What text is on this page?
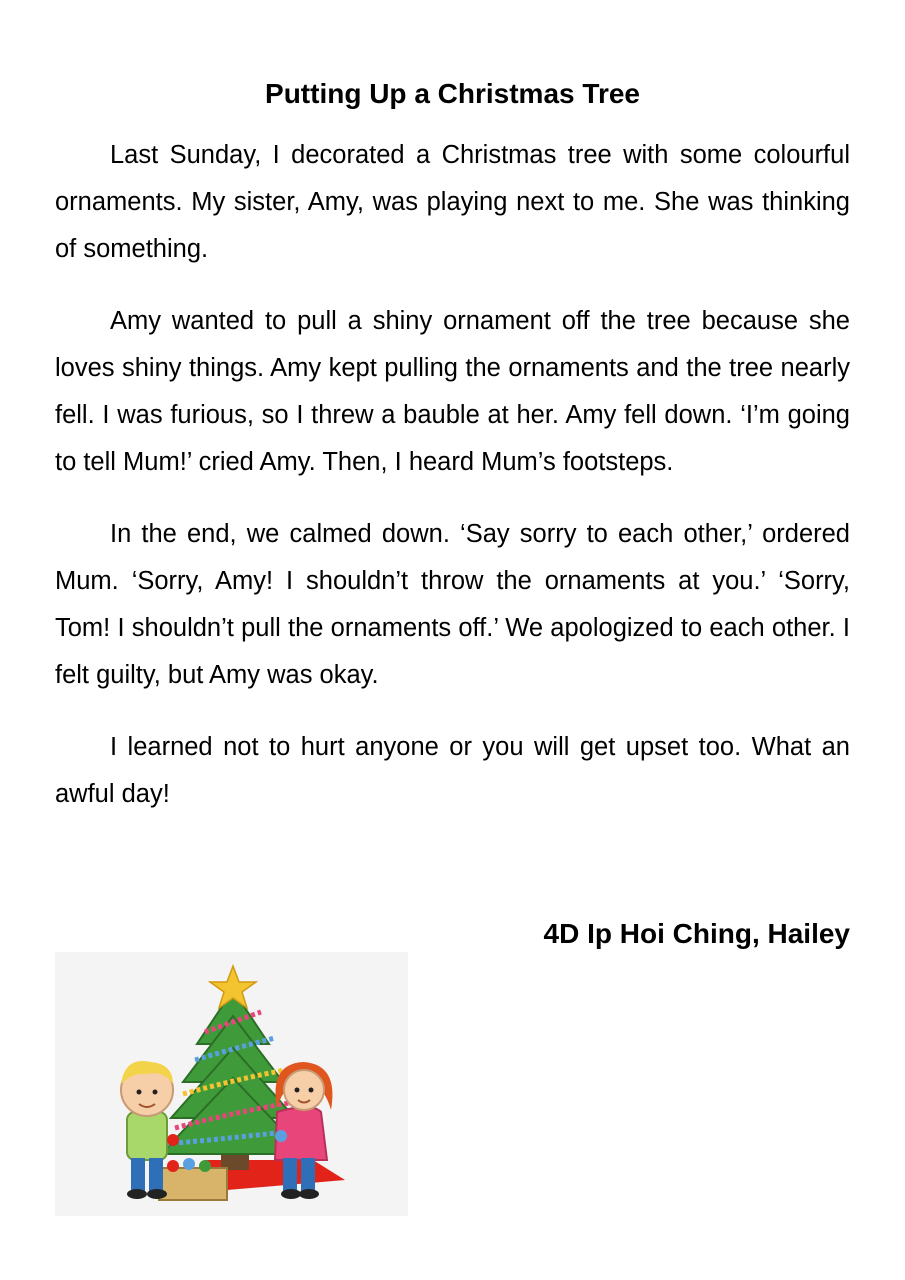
Putting Up a Christmas Tree

Last Sunday, I decorated a Christmas tree with some colourful ornaments. My sister, Amy, was playing next to me. She was thinking of something.

Amy wanted to pull a shiny ornament off the tree because she loves shiny things. Amy kept pulling the ornaments and the tree nearly fell. I was furious, so I threw a bauble at her. Amy fell down. ‘I’m going to tell Mum!’ cried Amy. Then, I heard Mum’s footsteps.

In the end, we calmed down. ‘Say sorry to each other,’ ordered Mum. ‘Sorry, Amy! I shouldn’t throw the ornaments at you.’ ‘Sorry, Tom! I shouldn’t pull the ornaments off.’ We apologized to each other. I felt guilty, but Amy was okay.

I learned not to hurt anyone or you will get upset too. What an awful day!

4D Ip Hoi Ching, Hailey
